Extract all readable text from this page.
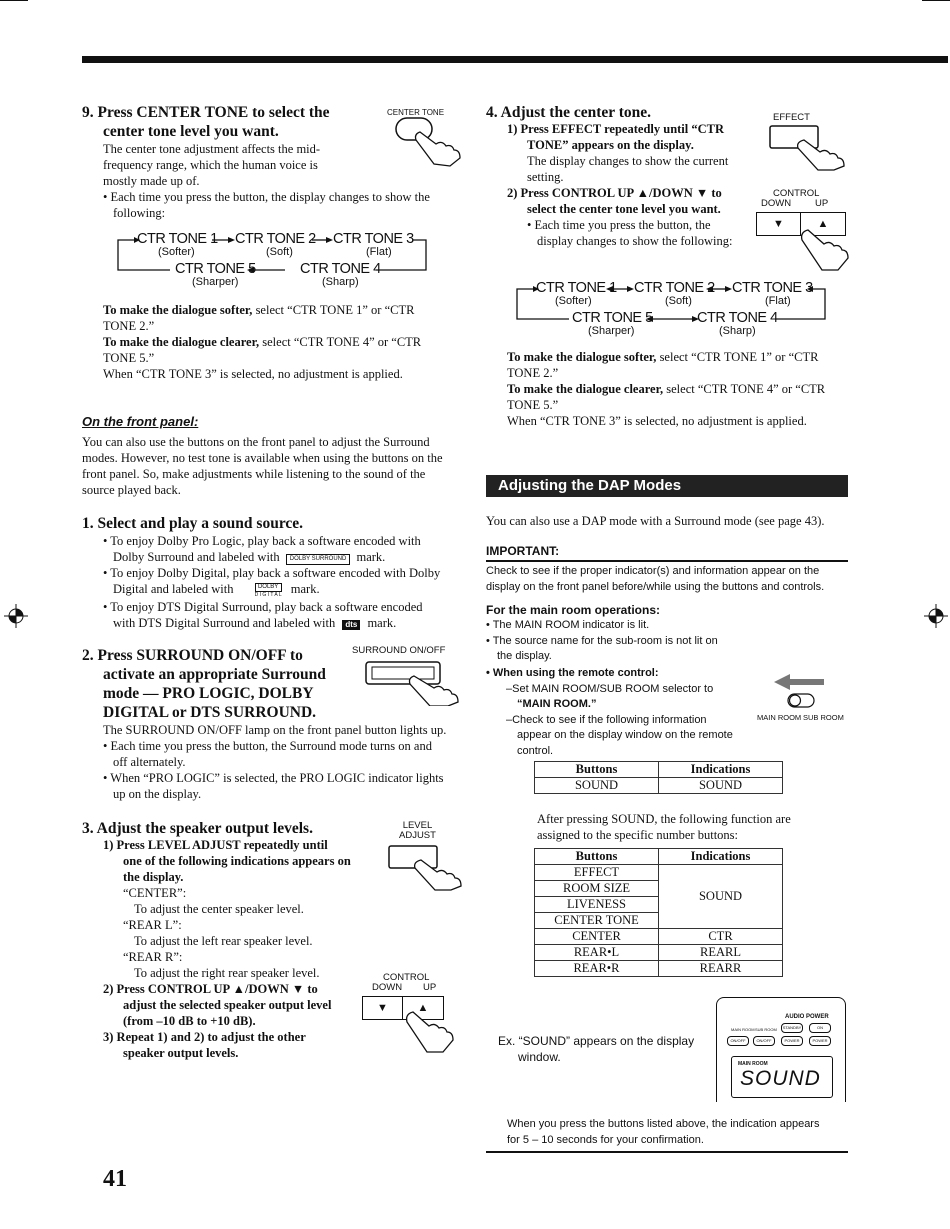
9. Press CENTER TONE to select the
center tone level you want.
CENTER TONE
The center tone adjustment affects the mid-
frequency range, which the human voice is
mostly made up of.
• Each time you press the button, the display changes to show the
following:
CTR TONE 1
(Softer)
CTR TONE 2
(Soft)
CTR TONE 3
(Flat)
CTR TONE 5
(Sharper)
CTR TONE 4
(Sharp)
To make the dialogue softer, select “CTR TONE 1” or “CTR
TONE 2.”
To make the dialogue clearer, select “CTR TONE 4” or “CTR
TONE 5.”
When “CTR TONE 3” is selected, no adjustment is applied.
On the front panel:
You can also use the buttons on the front panel to adjust the Surround
modes. However, no test tone is available when using the buttons on the
front panel. So, make adjustments while listening to the sound of the
source played back.
1. Select and play a sound source.
• To enjoy Dolby Pro Logic, play back a software encoded with
Dolby Surround and labeled with DOLBY SURROUND mark.
• To enjoy Dolby Digital, play back a software encoded with Dolby
Digital and labeled with	DOLBY
D I G I T A L mark.
• To enjoy DTS Digital Surround, play back a software encoded
with DTS Digital Surround and labeled with dts mark.
2. Press SURROUND ON/OFF to
activate an appropriate Surround
mode — PRO LOGIC, DOLBY
DIGITAL or DTS SURROUND.
SURROUND ON/OFF
The SURROUND ON/OFF lamp on the front panel button lights up.
• Each time you press the button, the Surround mode turns on and
off alternately.
• When “PRO LOGIC” is selected, the PRO LOGIC indicator lights
up on the display.
3. Adjust the speaker output levels.	LEVEL
ADJUST
1) Press LEVEL ADJUST repeatedly until
one of the following indications appears on
the display.
“CENTER”:
To adjust the center speaker level.
“REAR L”:
To adjust the left rear speaker level.
“REAR R”:
To adjust the right rear speaker level.
2) Press CONTROL UP ▲/DOWN ▼ to
adjust the selected speaker output level
(from –10 dB to +10 dB).
3) Repeat 1) and 2) to adjust the other
speaker output levels.
CONTROL
DOWN UP
▼	▲
41
4. Adjust the center tone.	EFFECT
1) Press EFFECT repeatedly until “CTR
TONE” appears on the display.
The display changes to show the current
setting.
2) Press CONTROL UP ▲/DOWN ▼ to
select the center tone level you want.
• Each time you press the button, the
display changes to show the following:
CONTROL
DOWN	UP
▼	▲
CTR TONE 1
(Softer)
CTR TONE 2
(Soft)
CTR TONE 3
(Flat)
CTR TONE 5
(Sharper)
CTR TONE 4
(Sharp)
To make the dialogue softer, select “CTR TONE 1” or “CTR
TONE 2.”
To make the dialogue clearer, select “CTR TONE 4” or “CTR
TONE 5.”
When “CTR TONE 3” is selected, no adjustment is applied.
Adjusting the DAP Modes
You can also use a DAP mode with a Surround mode (see page 43).
IMPORTANT:
Check to see if the proper indicator(s) and information appear on the
display on the front panel before/while using the buttons and controls.
For the main room operations:
• The MAIN ROOM indicator is lit.
• The source name for the sub-room is not lit on
the display.
• When using the remote control:
–Set MAIN ROOM/SUB ROOM selector to
“MAIN ROOM.”
–Check to see if the following information
appear on the display window on the remote
control.
MAIN ROOM SUB ROOM
Buttons	Indications
SOUND	SOUND
After pressing SOUND, the following function are
assigned to the specific number buttons:
Buttons	Indications
EFFECT	SOUND
ROOM SIZE	
LIVENESS	
CENTER TONE	
CENTER	CTR
REAR•L	REARL
REAR•R	REARR
Ex. “SOUND” appears on the display
window.
AUDIO POWER
STANDBY	ON
MAIN ROOM SUB ROOM
ON/OFF	ON/OFF	POWER	POWER
MAIN ROOM
SOUND
When you press the buttons listed above, the indication appears
for 5 – 10 seconds for your confirmation.
